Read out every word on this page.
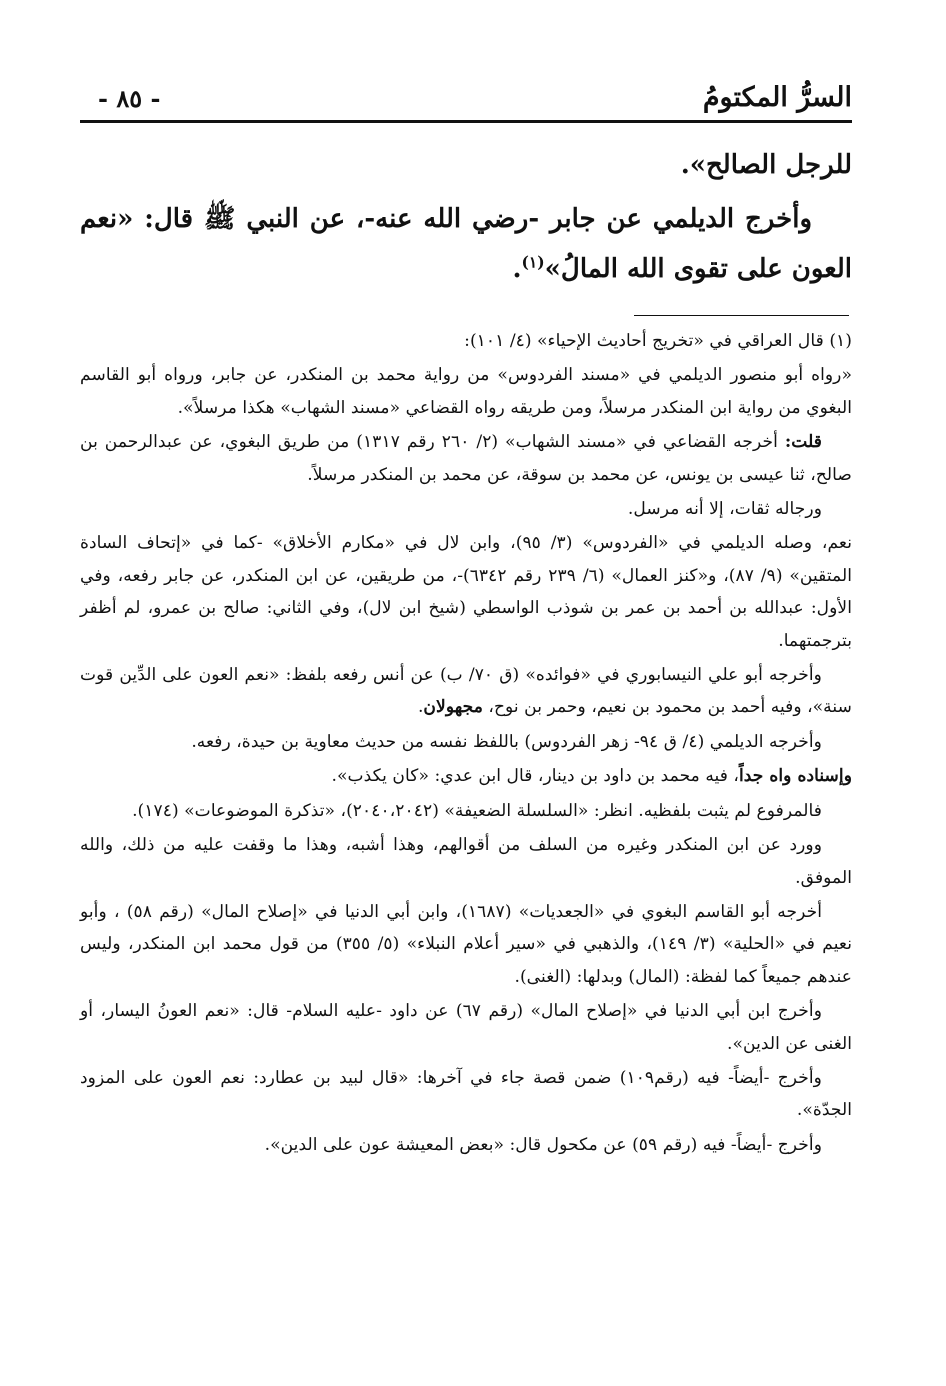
السرُّ المكتومُ
- ٨٥ -

للرجل الصالح».

وأخرج الديلمي عن جابر -رضي الله عنه-، عن النبي ﷺ قال: «نعم العون على تقوى الله المالُ»$^{(١)}$.

(١) قال العراقي في «تخريج أحاديث الإحياء» (٤/ ١٠١):

«رواه أبو منصور الديلمي في «مسند الفردوس» من رواية محمد بن المنكدر، عن جابر، ورواه أبو القاسم البغوي من رواية ابن المنكدر مرسلاً، ومن طريقه رواه القضاعي «مسند الشهاب» هكذا مرسلاً».

قلت: أخرجه القضاعي في «مسند الشهاب» (٢/ ٢٦٠ رقم ١٣١٧) من طريق البغوي، عن عبدالرحمن بن صالح، ثنا عيسى بن يونس، عن محمد بن سوقة، عن محمد بن المنكدر مرسلاً.

ورجاله ثقات، إلا أنه مرسل.

نعم، وصله الديلمي في «الفردوس» (٣/ ٩٥)، وابن لال في «مكارم الأخلاق» -كما في «إتحاف السادة المتقين» (٩/ ٨٧)، و«كنز العمال» (٦/ ٢٣٩ رقم ٦٣٤٢)-، من طريقين، عن ابن المنكدر، عن جابر رفعه، وفي الأول: عبدالله بن أحمد بن عمر بن شوذب الواسطي (شيخ ابن لال)، وفي الثاني: صالح بن عمرو، لم أظفر بترجمتهما.

وأخرجه أبو علي النيسابوري في «فوائده» (ق ٧٠/ ب) عن أنس رفعه بلفظ: «نعم العون على الدِّين قوت سنة»، وفيه أحمد بن محمود بن نعيم، وحمر بن نوح، مجهولان.

وأخرجه الديلمي (٤/ ق ٩٤- زهر الفردوس) باللفظ نفسه من حديث معاوية بن حيدة، رفعه.

وإسناده واه جداً، فيه محمد بن داود بن دينار، قال ابن عدي: «كان يكذب».

فالمرفوع لم يثبت بلفظيه. انظر: «السلسلة الضعيفة» (٢٠٤٠،٢٠٤٢)، «تذكرة الموضوعات» (١٧٤).

وورد عن ابن المنكدر وغيره من السلف من أقوالهم، وهذا أشبه، وهذا ما وقفت عليه من ذلك، والله الموفق.

أخرجه أبو القاسم البغوي في «الجعديات» (١٦٨٧)، وابن أبي الدنيا في «إصلاح المال» (رقم ٥٨) ، وأبو نعيم في «الحلية» (٣/ ١٤٩)، والذهبي في «سير أعلام النبلاء» (٥/ ٣٥٥) من قول محمد ابن المنكدر، وليس عندهم جميعاً كما لفظة: (المال) وبدلها: (الغنى).

وأخرج ابن أبي الدنيا في «إصلاح المال» (رقم ٦٧) عن داود -عليه السلام- قال: «نعم العونُ اليسار، أو الغنى عن الدين».

وأخرج -أيضاً- فيه (رقم١٠٩) ضمن قصة جاء في آخرها: «قال لبيد بن عطارد: نعم العون على المزود الجدّة».

وأخرج -أيضاً- فيه (رقم ٥٩) عن مكحول قال: «بعض المعيشة عون على الدين».
